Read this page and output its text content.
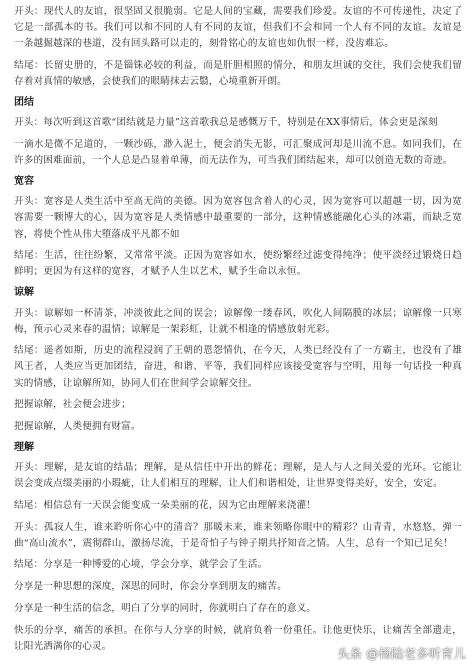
开头：现代人的友谊，很坚固又很脆弱。它是人间的宝藏，需要我们珍爱。友谊的不可传递性，决定了它是一部孤本的书。我们可以和不同的人有不同的友谊，但我们不会和同一个人有不同的友谊。友谊是一条越掘越深的巷道，没有回头路可以走的，刻骨铭心的友谊也如仇恨一样，没齿难忘。

结尾：长留史册的，不是锱铢必较的利益，而是肝胆相照的情分，和朋友坦诚的交往，我们会使我们留存着对真情的敏感，会使我们的眼睛抹去云翳，心境重新开朗。

团结

开头：每次听到这首歌“团结就是力量”这首歌我总是感慨万千，特别是在XX事情后，体会更是深刻

一滴水是微不足道的，一颗沙砾，渺入泥土，便会消失无影，可汇聚成河却是川流不息。如同我们，在许多的困难面前，一个人总是凸显着单薄，而无法作为，可当我们团结起来，却可以创造无数的奇迹。

宽容

开头：宽容是人类生活中至高无尚的美德。因为宽容包含着人的心灵，因为宽容可以超越一切，因为宽容需要一颗博大的心，因为宽容是人类情感中最重要的一部分，这种情感能融化心头的冰霜，而缺乏宽容，将使个性从伟大堕落成平凡都不如

结尾：生活，往往纷繁，又常常平淡。正因为宽容如水，使纷繁经过滤变得纯净；使平淡经过锻烧日趋鲜明；更因为有这样的宽容，才赋予人生以艺术，赋予生命以永恒。

谅解

开头：谅解如一杯清茶，冲淡彼此之间的误会；谅解像一缕春风，吹化人间隔膜的冰层；谅解像一只寒梅，预示心灵来春的温情；谅解是一架彩虹，让就不相逢的情感放射光彩。

结尾：遥者如斯，历史的流程浸润了王朝的恩怨情仇，在今天，人类已经没有了一方霸主，也没有了雄风王者，人类应当更加团结，奋进，和谐、平等，我们同样应该接受宽容与空明，用每一句话投一种真实的情感，让谅解所知，协同人们在世间学会谅解交往。

把握谅解，社会便会进步；

把握谅解，人类便拥有财富。

理解

开头：理解，是友谊的结晶；理解，是从信任中开出的鲜花；理解，是人与人之间关爱的光环。它能让误会变成点缀美丽的小瑕疵，让人们相互的理解，让人们和谐相处，让世界变得美好，安全，安定。

结尾：相信总有一天误会能变成一朵美丽的花，因为它由理解来浇灌！

开头：孤寂人生，谁来聆听你心中的清音？那暖未来，谁来领略你眼中的精彩？山青青，水悠悠，弹一曲“高山流水”，震彻群山，激扬尽流，于是奇怕子与钟子期共抒知音之情。人生，总有一个知已足矣！

结尾：分享是一种博爱的心境，学会分享，就学会了生活。

分享是一种思想的深度，深思的同时，你会分享到朋友的痛苦。

分享是一种生活的信念，明白了分享的同时，你就明白了存在的意义。

快乐的分享，痛苦的承担。在你与人分享的时候，就肩负着一份重任。让他更快乐，让痛苦全部遗走，让阳光洒满你的心灵。	头条 @杨陆老多听育儿
